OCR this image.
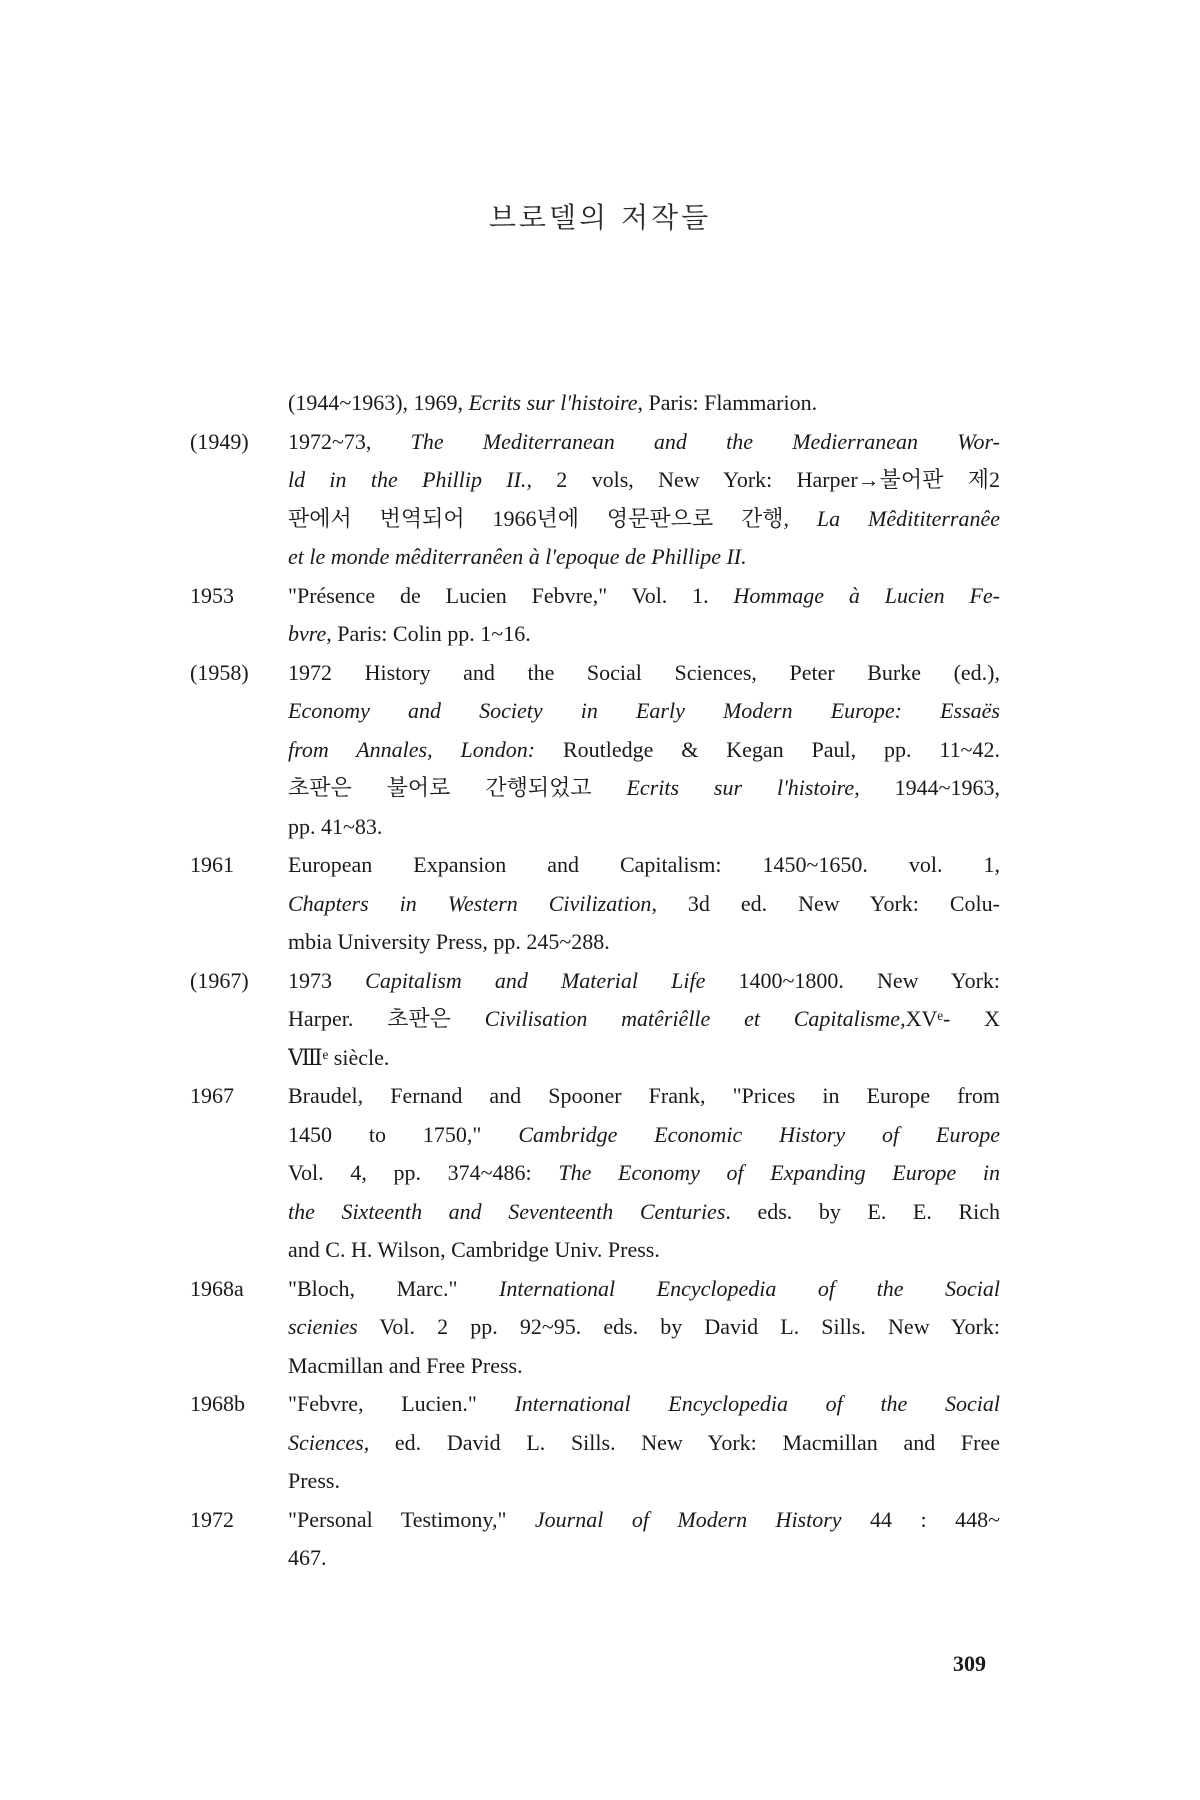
브로델의 저작들
(1944~1963), 1969, Ecrits sur l'histoire, Paris: Flammarion.
(1949)	1972~73, The Mediterranean and the Medierranean Wor-
ld in the Phillip II., 2 vols, New York: Harper→불어판 제2
판에서 번역되어 1966년에 영문판으로 간행, La Mêdititerranêe
et le monde mêditerranêen à l'epoque de Phillipe II.
1953	"Présence de Lucien Febvre," Vol. 1. Hommage à Lucien Fe-
bvre, Paris: Colin pp. 1~16.
(1958)	1972 History and the Social Sciences, Peter Burke (ed.),
Economy and Society in Early Modern Europe: Essaës
from Annales, London: Routledge & Kegan Paul, pp. 11~42.
초판은 불어로 간행되었고 Ecrits sur l'histoire, 1944~1963,
pp. 41~83.
1961	European Expansion and Capitalism: 1450~1650. vol. 1,
Chapters in Western Civilization, 3d ed. New York: Colu-
mbia University Press, pp. 245~288.
(1967)	1973 Capitalism and Material Life 1400~1800. New York:
Harper. 초판은 Civilisation matêriêlle et Capitalisme,XVᵉ- X
Ⅷᵉ siècle.
1967	Braudel, Fernand and Spooner Frank, "Prices in Europe from
1450 to 1750," Cambridge Economic History of Europe
Vol. 4, pp. 374~486: The Economy of Expanding Europe in
the Sixteenth and Seventeenth Centuries. eds. by E. E. Rich
and C. H. Wilson, Cambridge Univ. Press.
1968a	"Bloch, Marc." International Encyclopedia of the Social
scienies Vol. 2 pp. 92~95. eds. by David L. Sills. New York:
Macmillan and Free Press.
1968b	"Febvre, Lucien." International Encyclopedia of the Social
Sciences, ed. David L. Sills. New York: Macmillan and Free
Press.
1972	"Personal Testimony," Journal of Modern History 44 : 448~
467.
309
